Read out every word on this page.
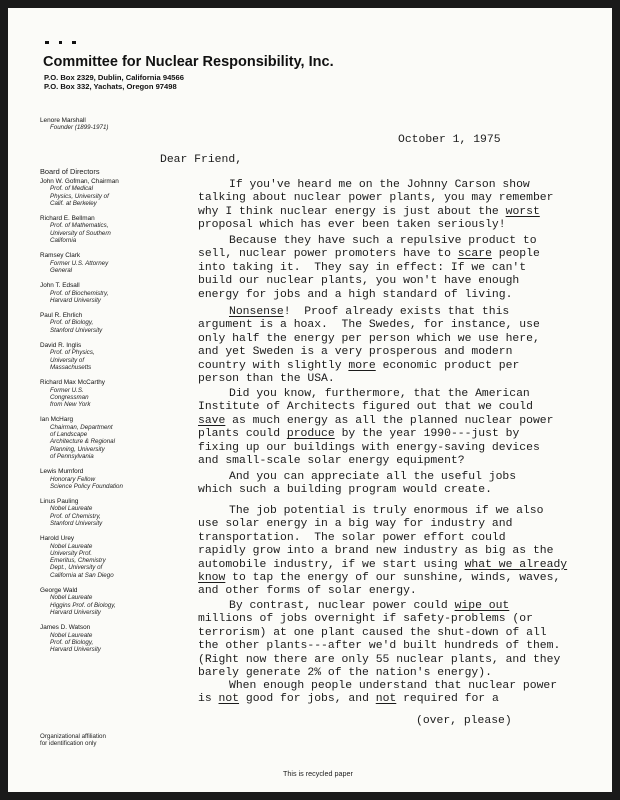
Committee for Nuclear Responsibility, Inc.
P.O. Box 2329, Dublin, California 94566
P.O. Box 332, Yachats, Oregon 97498
Lenore Marshall
Founder (1899-1971)
Board of Directors
John W. Gofman, Chairman
Prof. of Medical
Physics, University of
Calif. at Berkeley
Richard E. Bellman
Prof. of Mathematics,
University of Southern
California
Ramsey Clark
Former U.S. Attorney
General
John T. Edsall
Prof. of Biochemistry,
Harvard University
Paul R. Ehrlich
Prof. of Biology,
Stanford University
David R. Inglis
Prof. of Physics,
University of
Massachusetts
Richard Max McCarthy
Former U.S.
Congressman
from New York
Ian McHarg
Chairman, Department
of Landscape
Architecture & Regional
Planning, University
of Pennsylvania
Lewis Mumford
Honorary Fellow
Science Policy Foundation
Linus Pauling
Nobel Laureate
Prof. of Chemistry,
Stanford University
Harold Urey
Nobel Laureate
University Prof.
Emeritus, Chemistry
Dept., University of
California at San Diego
George Wald
Nobel Laureate
Higgins Prof. of Biology,
Harvard University
James D. Watson
Nobel Laureate
Prof. of Biology,
Harvard University
Organizational affiliation
for identification only
October 1, 1975
Dear Friend,
If you've heard me on the Johnny Carson show
talking about nuclear power plants, you may remember
why I think nuclear energy is just about the worst
proposal which has ever been taken seriously!
Because they have such a repulsive product to
sell, nuclear power promoters have to scare people
into taking it.  They say in effect: If we can't
build our nuclear plants, you won't have enough
energy for jobs and a high standard of living.
Nonsense!  Proof already exists that this
argument is a hoax.  The Swedes, for instance, use
only half the energy per person which we use here,
and yet Sweden is a very prosperous and modern
country with slightly more economic product per
person than the USA.
Did you know, furthermore, that the American
Institute of Architects figured out that we could
save as much energy as all the planned nuclear power
plants could produce by the year 1990---just by
fixing up our buildings with energy-saving devices
and small-scale solar energy equipment?
And you can appreciate all the useful jobs
which such a building program would create.
The job potential is truly enormous if we also
use solar energy in a big way for industry and
transportation.  The solar power effort could
rapidly grow into a brand new industry as big as the
automobile industry, if we start using what we already
know to tap the energy of our sunshine, winds, waves,
and other forms of solar energy.
By contrast, nuclear power could wipe out
millions of jobs overnight if safety-problems (or
terrorism) at one plant caused the shut-down of all
the other plants---after we'd built hundreds of them.
(Right now there are only 55 nuclear plants, and they
barely generate 2% of the nation's energy).
When enough people understand that nuclear power
is not good for jobs, and not required for a
(over, please)
This is recycled paper
